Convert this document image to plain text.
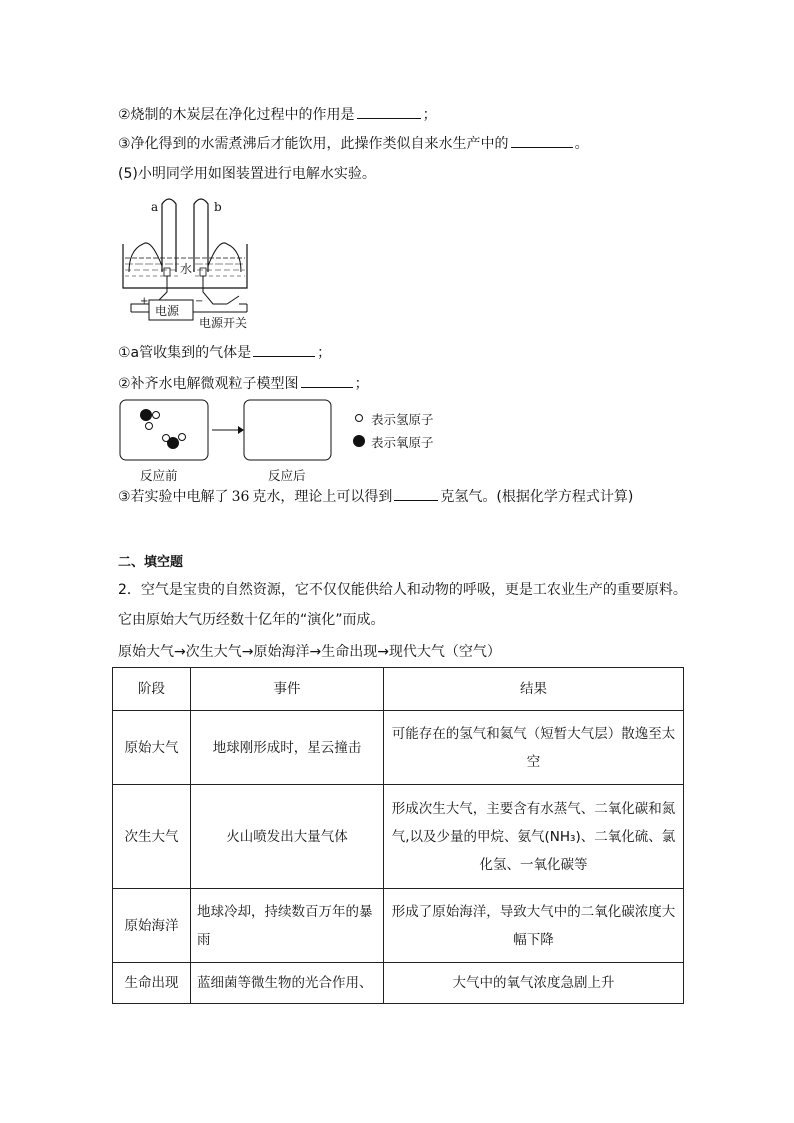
②烧制的木炭层在净化过程中的作用是	；
③净化得到的水需煮沸后才能饮用，此操作类似自来水生产中的	。
(5)小明同学用如图装置进行电解水实验。
a	b
水
电源
+	−
电源开关
①a管收集到的气体是	；
②补齐水电解微观粒子模型图	；
表示氢原子
表示氧原子
反应前	反应后
③若实验中电解了 36 克水，理论上可以得到	克氢气。(根据化学方程式计算)
二、填空题
2．空气是宝贵的自然资源，它不仅仅能供给人和动物的呼吸，更是工农业生产的重要原料。
它由原始大气历经数十亿年的“演化”而成。
原始大气→次生大气→原始海洋→生命出现→现代大气（空气）
阶段	事件	结果
原始大气	地球刚形成时，星云撞击	可能存在的氢气和氦气（短暂大气层）散逸至太空
次生大气	火山喷发出大量气体	形成次生大气，主要含有水蒸气、二氧化碳和氮气,以及少量的甲烷、氨气(NH₃)、二氧化硫、氯化氢、一氧化碳等
原始海洋	地球冷却，持续数百万年的暴雨	形成了原始海洋，导致大气中的二氧化碳浓度大幅下降
生命出现	蓝细菌等微生物的光合作用、	大气中的氧气浓度急剧上升
